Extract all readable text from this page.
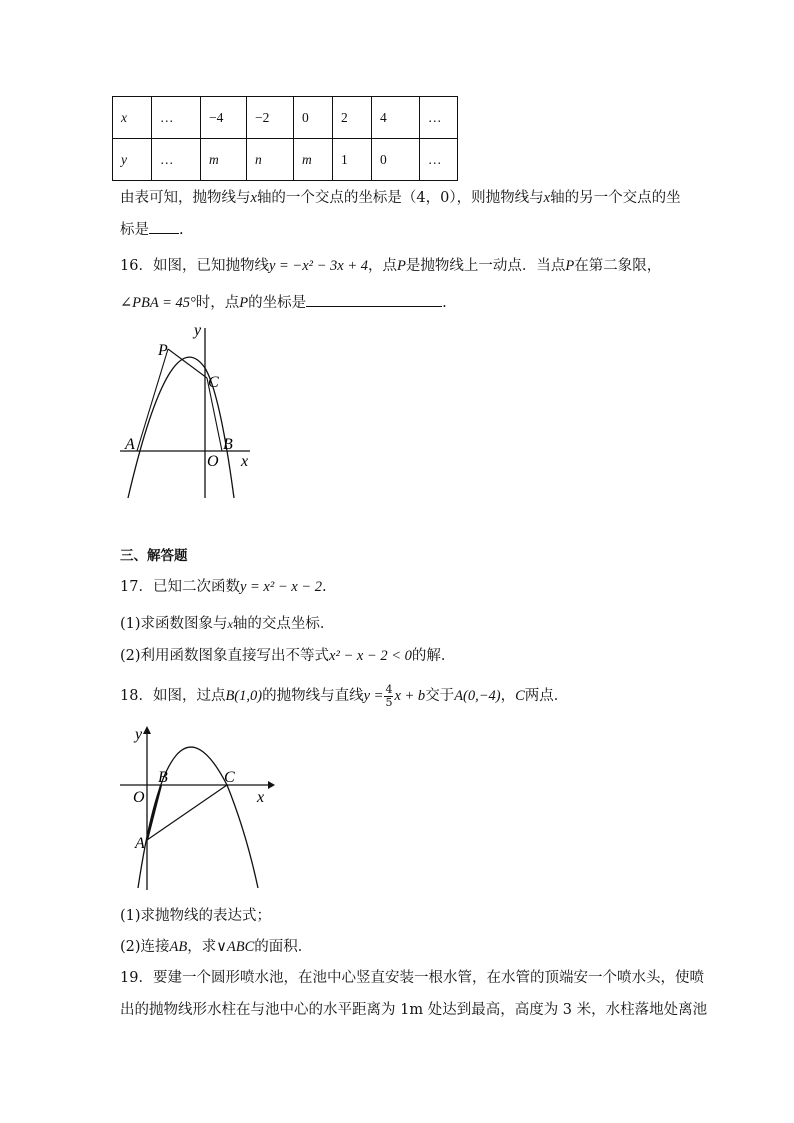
x	…	−4	−2	0	2	4	…
y	…	m	n	m	1	0	…
由表可知，抛物线与x轴的一个交点的坐标是（4，0），则抛物线与x轴的另一个交点的坐
标是 .
16．如图，已知抛物线y = −x² − 3x + 4，点P是抛物线上一动点．当点P在第二象限，
∠PBA = 45°时，点P的坐标是	.
P
C
A	B
O x
y
三、解答题
17．已知二次函数y = x² − x − 2.
(1)求函数图象与x轴的交点坐标．
(2)利用函数图象直接写出不等式x² − x − 2 < 0的解．
18．如图，过点B(1,0)的抛物线与直线$y = \frac{4}{5}$ x + b交于A(0,−4)，C两点．
y
B	C
O	x
A
(1)求抛物线的表达式；
(2)连接AB，求∨ABC的面积．
19．要建一个圆形喷水池，在池中心竖直安装一根水管，在水管的顶端安一个喷水头，使喷
出的抛物线形水柱在与池中心的水平距离为 1m 处达到最高，高度为 3 米，水柱落地处离池
